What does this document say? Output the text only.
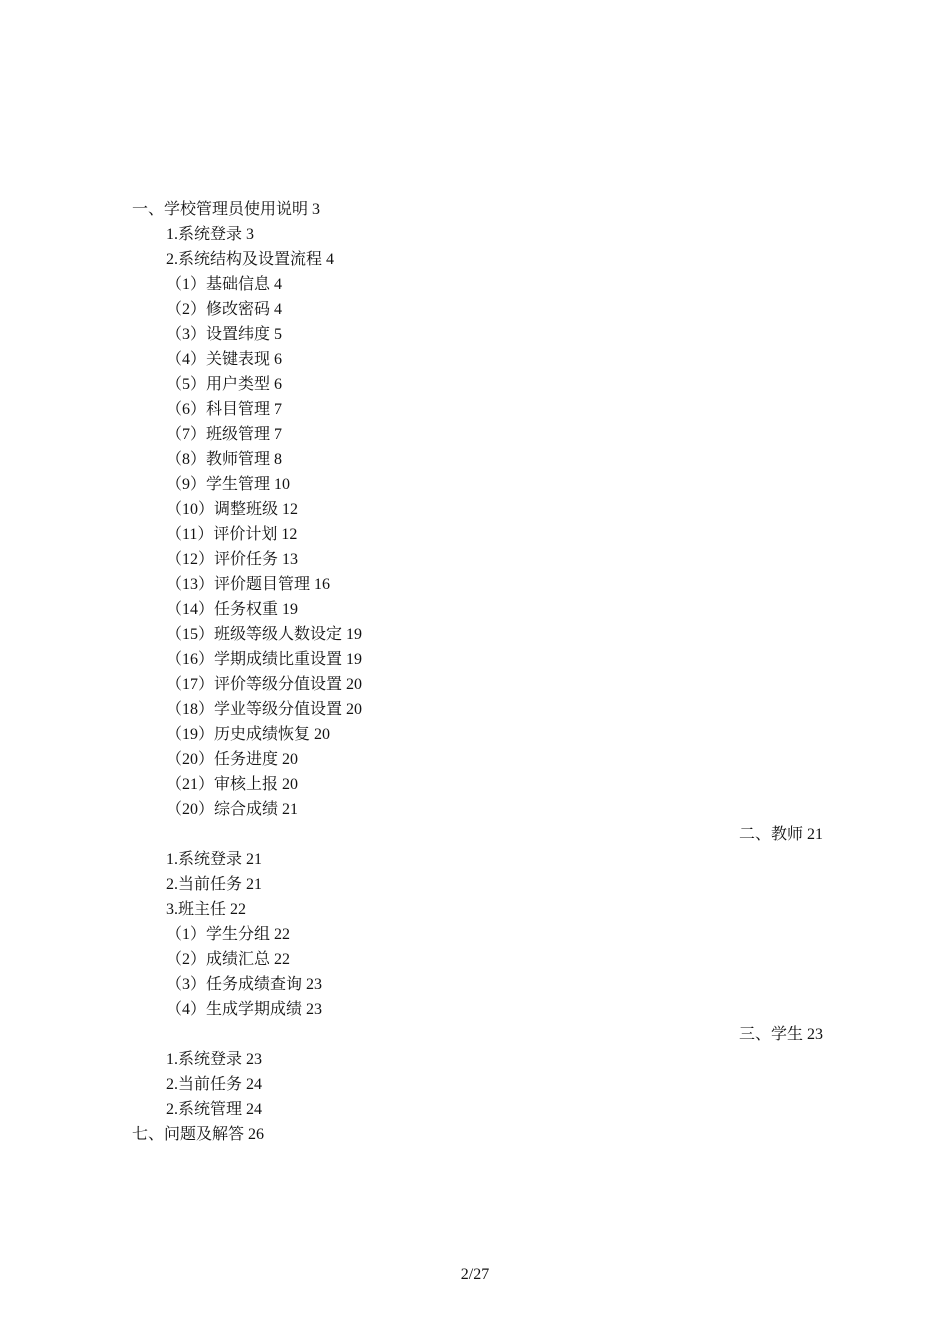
一、学校管理员使用说明 3
1.系统登录 3
2.系统结构及设置流程 4
（1）基础信息 4
（2）修改密码 4
（3）设置纬度 5
（4）关键表现 6
（5）用户类型 6
（6）科目管理 7
（7）班级管理 7
（8）教师管理 8
（9）学生管理 10
（10）调整班级 12
（11）评价计划 12
（12）评价任务 13
（13）评价题目管理 16
（14）任务权重 19
（15）班级等级人数设定 19
（16）学期成绩比重设置 19
（17）评价等级分值设置 20
（18）学业等级分值设置 20
（19）历史成绩恢复 20
（20）任务进度 20
（21）审核上报 20
（20）综合成绩 21
二、教师 21
1.系统登录 21
2.当前任务 21
3.班主任 22
（1）学生分组 22
（2）成绩汇总 22
（3）任务成绩查询 23
（4）生成学期成绩 23
三、学生 23
1.系统登录 23
2.当前任务 24
2.系统管理 24
七、问题及解答 26
2/27
